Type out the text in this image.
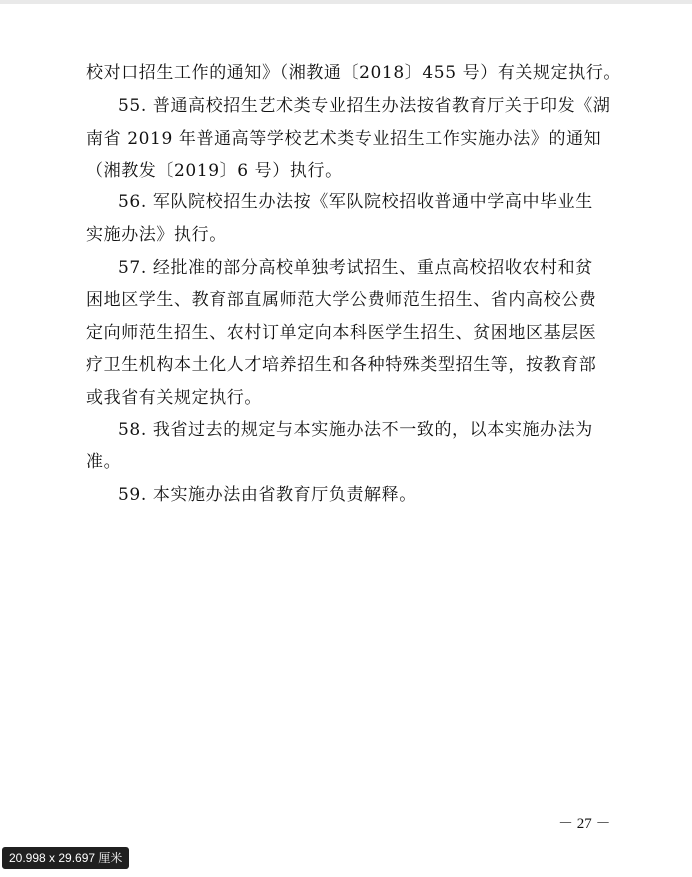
校对口招生工作的通知》（湘教通〔2018〕455 号）有关规定执行。
55. 普通高校招生艺术类专业招生办法按省教育厅关于印发《湖
南省 2019 年普通高等学校艺术类专业招生工作实施办法》的通知
（湘教发〔2019〕6 号）执行。
56. 军队院校招生办法按《军队院校招收普通中学高中毕业生
实施办法》执行。
57. 经批准的部分高校单独考试招生、重点高校招收农村和贫
困地区学生、教育部直属师范大学公费师范生招生、省内高校公费
定向师范生招生、农村订单定向本科医学生招生、贫困地区基层医
疗卫生机构本土化人才培养招生和各种特殊类型招生等，按教育部
或我省有关规定执行。
58. 我省过去的规定与本实施办法不一致的，以本实施办法为
准。
59. 本实施办法由省教育厅负责解释。
－ 27 －
20.998 x 29.697 厘米
